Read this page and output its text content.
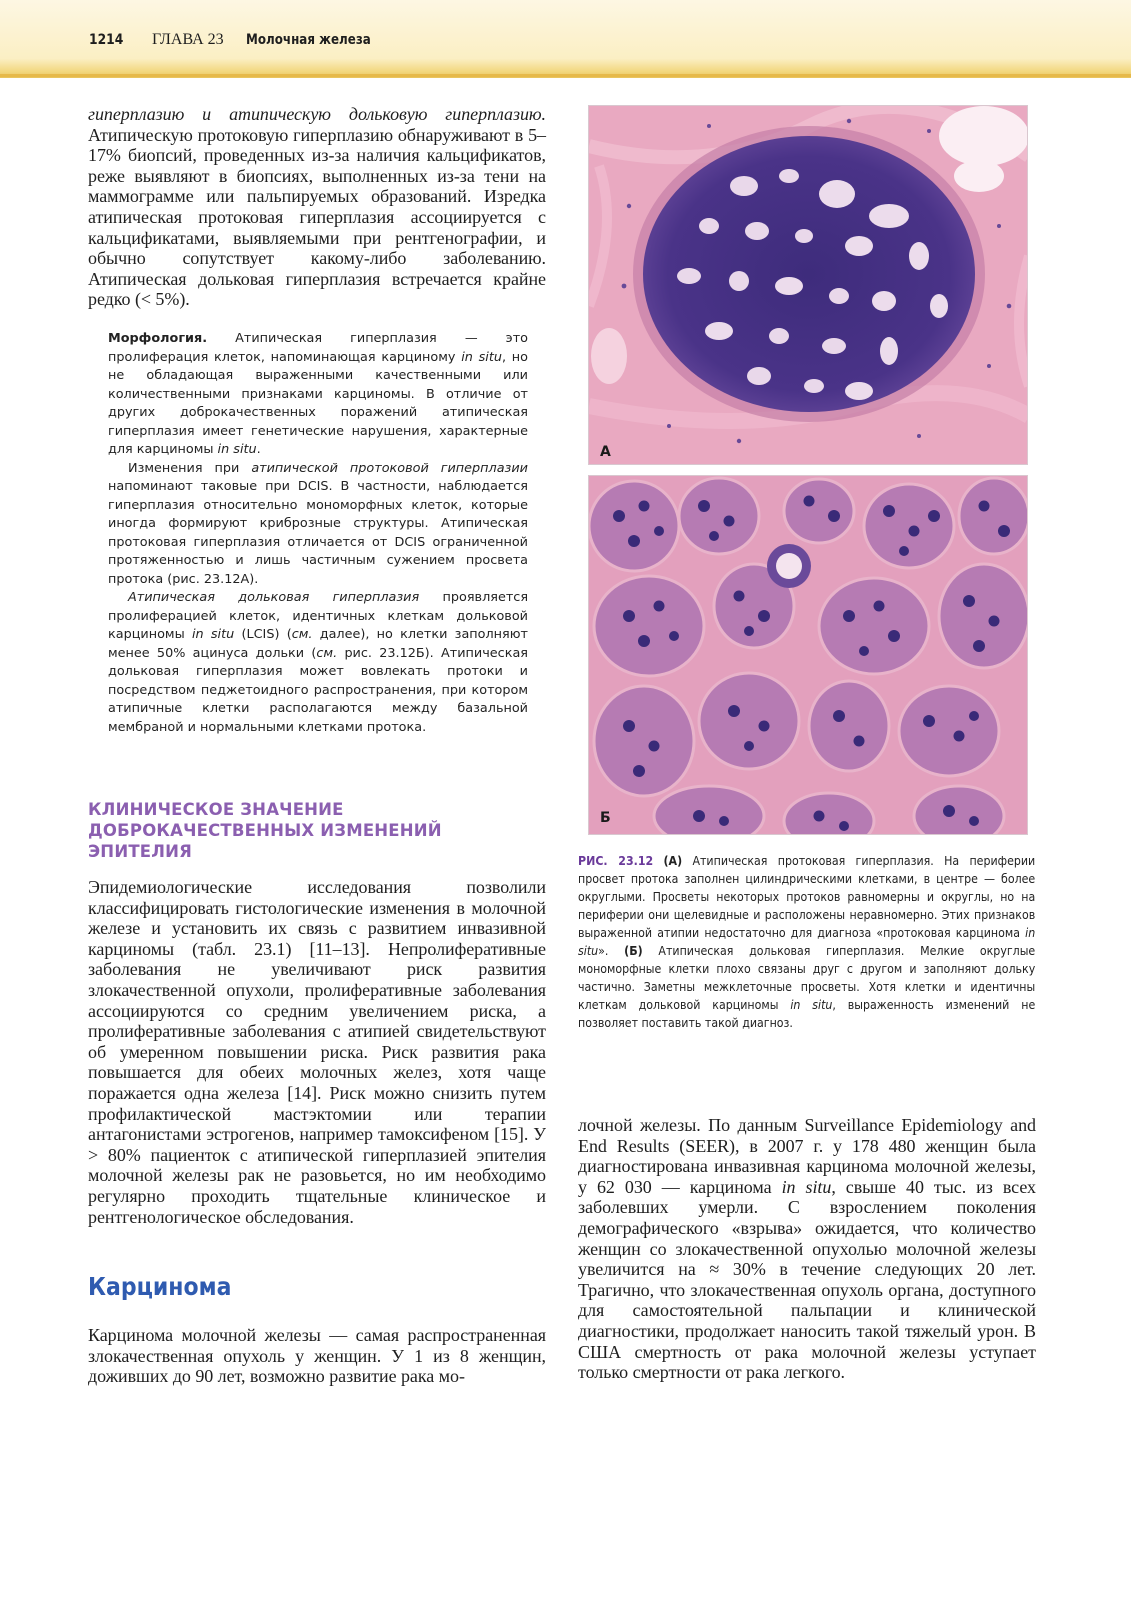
1214 ГЛАВА 23 Молочная железа

гиперплазию и атипическую дольковую гиперплазию. Атипическую протоковую гиперплазию обнаруживают в 5–17% биопсий, проведенных из-за наличия кальцификатов, реже выявляют в биопсиях, выполненных из-за тени на маммограмме или пальпируемых образований. Изредка атипическая протоковая гиперплазия ассоциируется с кальцификатами, выявляемыми при рентгенографии, и обычно сопутствует какому-либо заболеванию. Атипическая дольковая гиперплазия встречается крайне редко (< 5%).

Морфология. Атипическая гиперплазия — это пролиферация клеток, напоминающая карциному in situ, но не обладающая выраженными качественными или количественными признаками карциномы. В отличие от других доброкачественных поражений атипическая гиперплазия имеет генетические нарушения, характерные для карциномы in situ.

Изменения при атипической протоковой гиперплазии напоминают таковые при DCIS. В частности, наблюдается гиперплазия относительно мономорфных клеток, которые иногда формируют криброзные структуры. Атипическая протоковая гиперплазия отличается от DCIS ограниченной протяженностью и лишь частичным сужением просвета протока (рис. 23.12А).

Атипическая дольковая гиперплазия проявляется пролиферацией клеток, идентичных клеткам дольковой карциномы in situ (LCIS) (см. далее), но клетки заполняют менее 50% ацинуса дольки (см. рис. 23.12Б). Атипическая дольковая гиперплазия может вовлекать протоки и посредством педжетоидного распространения, при котором атипичные клетки располагаются между базальной мембраной и нормальными клетками протока.

КЛИНИЧЕСКОЕ ЗНАЧЕНИЕ ДОБРОКАЧЕСТВЕННЫХ ИЗМЕНЕНИЙ ЭПИТЕЛИЯ
Эпидемиологические исследования позволили классифицировать гистологические изменения в молочной железе и установить их связь с развитием инвазивной карциномы (табл. 23.1) [11–13]. Непролиферативные заболевания не увеличивают риск развития злокачественной опухоли, пролиферативные заболевания ассоциируются со средним увеличением риска, а пролиферативные заболевания с атипией свидетельствуют об умеренном повышении риска. Риск развития рака повышается для обеих молочных желез, хотя чаще поражается одна железа [14]. Риск можно снизить путем профилактической мастэктомии или терапии антагонистами эстрогенов, например тамоксифеном [15]. У > 80% пациенток с атипической гиперплазией эпителия молочной железы рак не разовьется, но им необходимо регулярно проходить тщательные клиническое и рентгенологическое обследования.
Карцинома
Карцинома молочной железы — самая распространенная злокачественная опухоль у женщин. У 1 из 8 женщин, доживших до 90 лет, возможно развитие рака мо-
лочной железы. По данным Surveillance Epidemiology and End Results (SEER), в 2007 г. у 178 480 женщин была диагностирована инвазивная карцинома молочной железы, у 62 030 — карцинома in situ, свыше 40 тыс. из всех заболевших умерли. С взрослением поколения демографического «взрыва» ожидается, что количество женщин со злокачественной опухолью молочной железы увеличится на ≈ 30% в течение следующих 20 лет. Трагично, что злокачественная опухоль органа, доступного для самостоятельной пальпации и клинической диагностики, продолжает наносить такой тяжелый урон. В США смертность от рака молочной железы уступает только смертности от рака легкого.
А
Б
РИС. 23.12 (А) Атипическая протоковая гиперплазия. На периферии просвет протока заполнен цилиндрическими клетками, в центре — более округлыми. Просветы некоторых протоков равномерны и округлы, но на периферии они щелевидные и расположены неравномерно. Этих признаков выраженной атипии недостаточно для диагноза «протоковая карцинома in situ». (Б) Атипическая дольковая гиперплазия. Мелкие округлые мономорфные клетки плохо связаны друг с другом и заполняют дольку частично. Заметны межклеточные просветы. Хотя клетки и идентичны клеткам дольковой карциномы in situ, выраженность изменений не позволяет поставить такой диагноз.
